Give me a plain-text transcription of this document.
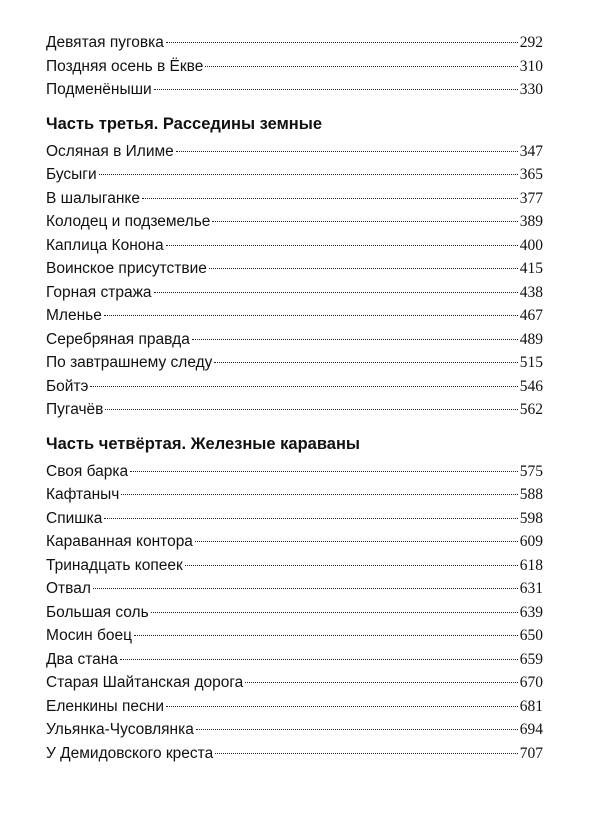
Девятая пуговка	292
Поздняя осень в Ёкве	310
Подменёныши	330
Часть третья. Расседины земные
Осляная в Илиме	347
Бусыги	365
В шалыганке	377
Колодец и подземелье	389
Каплица Конона	400
Воинское присутствие	415
Горная стража	438
Мленье	467
Серебряная правда	489
По завтрашнему следу	515
Бойтэ	546
Пугачёв	562
Часть четвёртая. Железные караваны
Своя барка	575
Кафтаныч	588
Спишка	598
Караванная контора	609
Тринадцать копеек	618
Отвал	631
Большая соль	639
Мосин боец	650
Два стана	659
Старая Шайтанская дорога	670
Еленкины песни	681
Ульянка-Чусовлянка	694
У Демидовского креста	707
